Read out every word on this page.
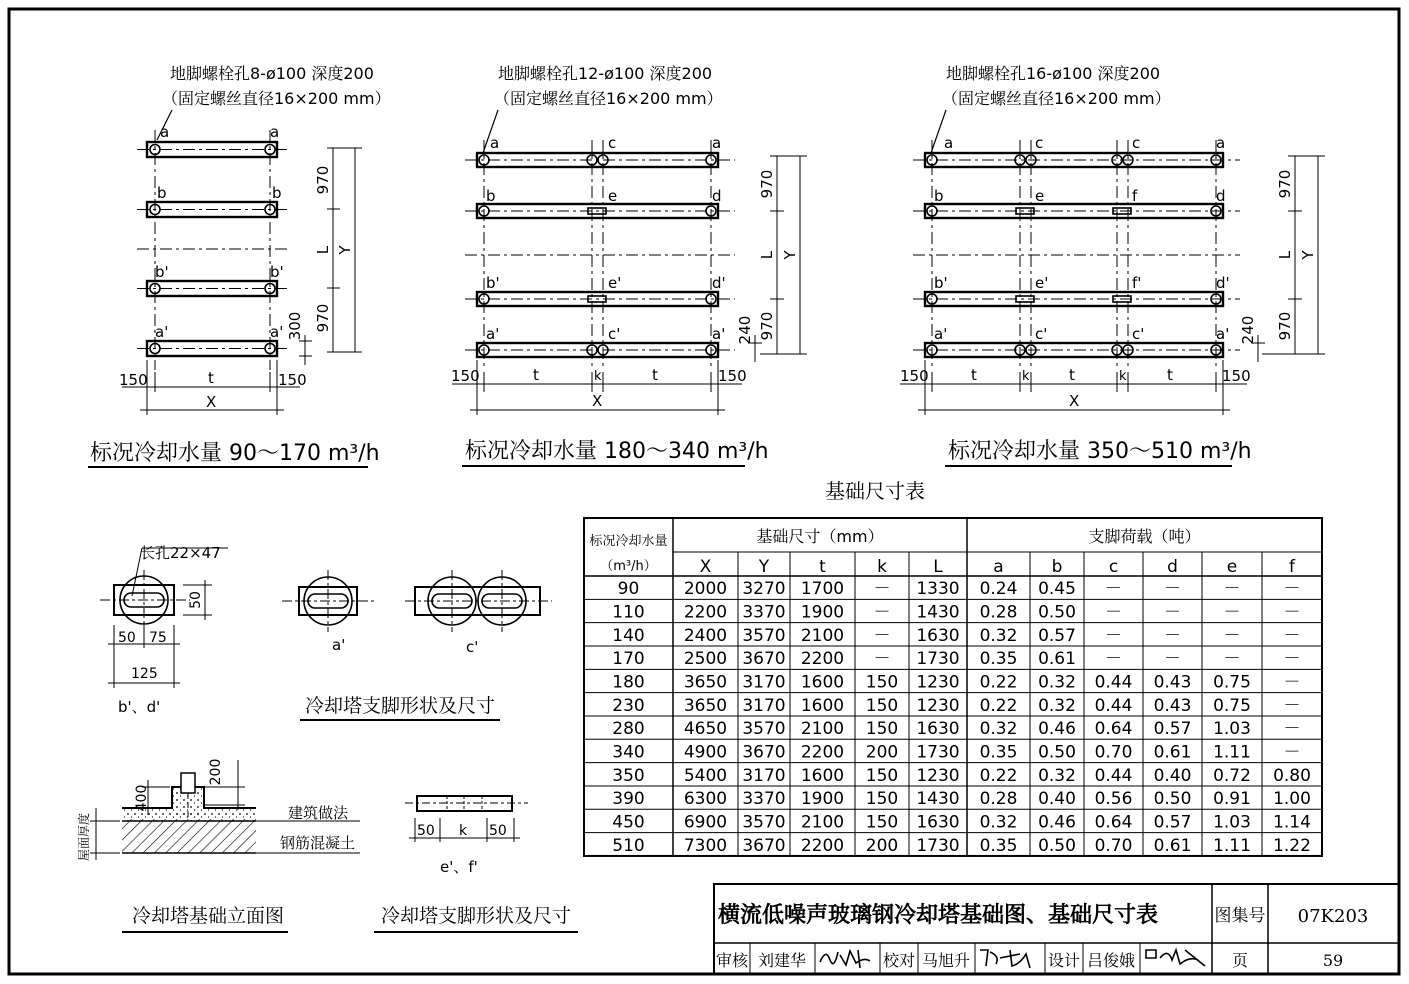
地脚螺栓孔8-ø100 深度200
（固定螺丝直径16×200 mm）
a	a
b	b
b'	b'
a'	a'
970
L Y
970
300
150	150
t
X
标况冷却水量 90～170 m³/h
地脚螺栓孔12-ø100 深度200
（固定螺丝直径16×200 mm）
a	c	a
b	e	d
b'	e'	d'
a'	c'	a'
970
L Y
970
240
150	150
t	k	t
X
标况冷却水量 180～340 m³/h
地脚螺栓孔16-ø100 深度200
（固定螺丝直径16×200 mm）
a	c	c	a
b	e	f	d
b'	e'	f'	d'
a'	c'	c'	a'
970
L Y
970
240
150	150
t	k	t	k	t
X
标况冷却水量 350～510 m³/h
长孔22×47
50
50 75
125
b'、d'
a'	c'
冷却塔支脚形状及尺寸
50 k 50
e'、f'
冷却塔支脚形状及尺寸
400
200
建筑做法
钢筋混凝土
屋面厚度
冷却塔基础立面图
基础尺寸表
标况冷却水量
（m³/h）
基础尺寸（mm）	支脚荷载（吨）
X	Y	t	k	L	a	b	c	d	e	f
90	2000 3270 1700 － 1330 0.24 0.45 － －	－	－
110 2200 3370 1900 － 1430 0.28 0.50 － －	－	－
140 2400 3570 2100 － 1630 0.32 0.57 － －	－	－
170 2500 3670 2200 － 1730 0.35 0.61 － －	－	－
180 3650 3170 1600 150 1230 0.22 0.32 0.44 0.43 0.75 －
230 3650 3170 1600 150 1230 0.22 0.32 0.44 0.43 0.75 －
280 4650 3570 2100 150 1630 0.32 0.46 0.64 0.57 1.03 －
340 4900 3670 2200 200 1730 0.35 0.50 0.70 0.61 1.11 －
350 5400 3170 1600 150 1230 0.22 0.32 0.44 0.40 0.72 0.80
390 6300 3370 1900 150 1430 0.28 0.40 0.56 0.50 0.91 1.00
450 6900 3570 2100 150 1630 0.32 0.46 0.64 0.57 1.03 1.14
510 7300 3670 2200 200 1730 0.35 0.50 0.70 0.61 1.11 1.22
横流低噪声玻璃钢冷却塔基础图、基础尺寸表	图集号 07K203
审核 刘建华	校对 马旭升	设计 吕俊娥	页	59
